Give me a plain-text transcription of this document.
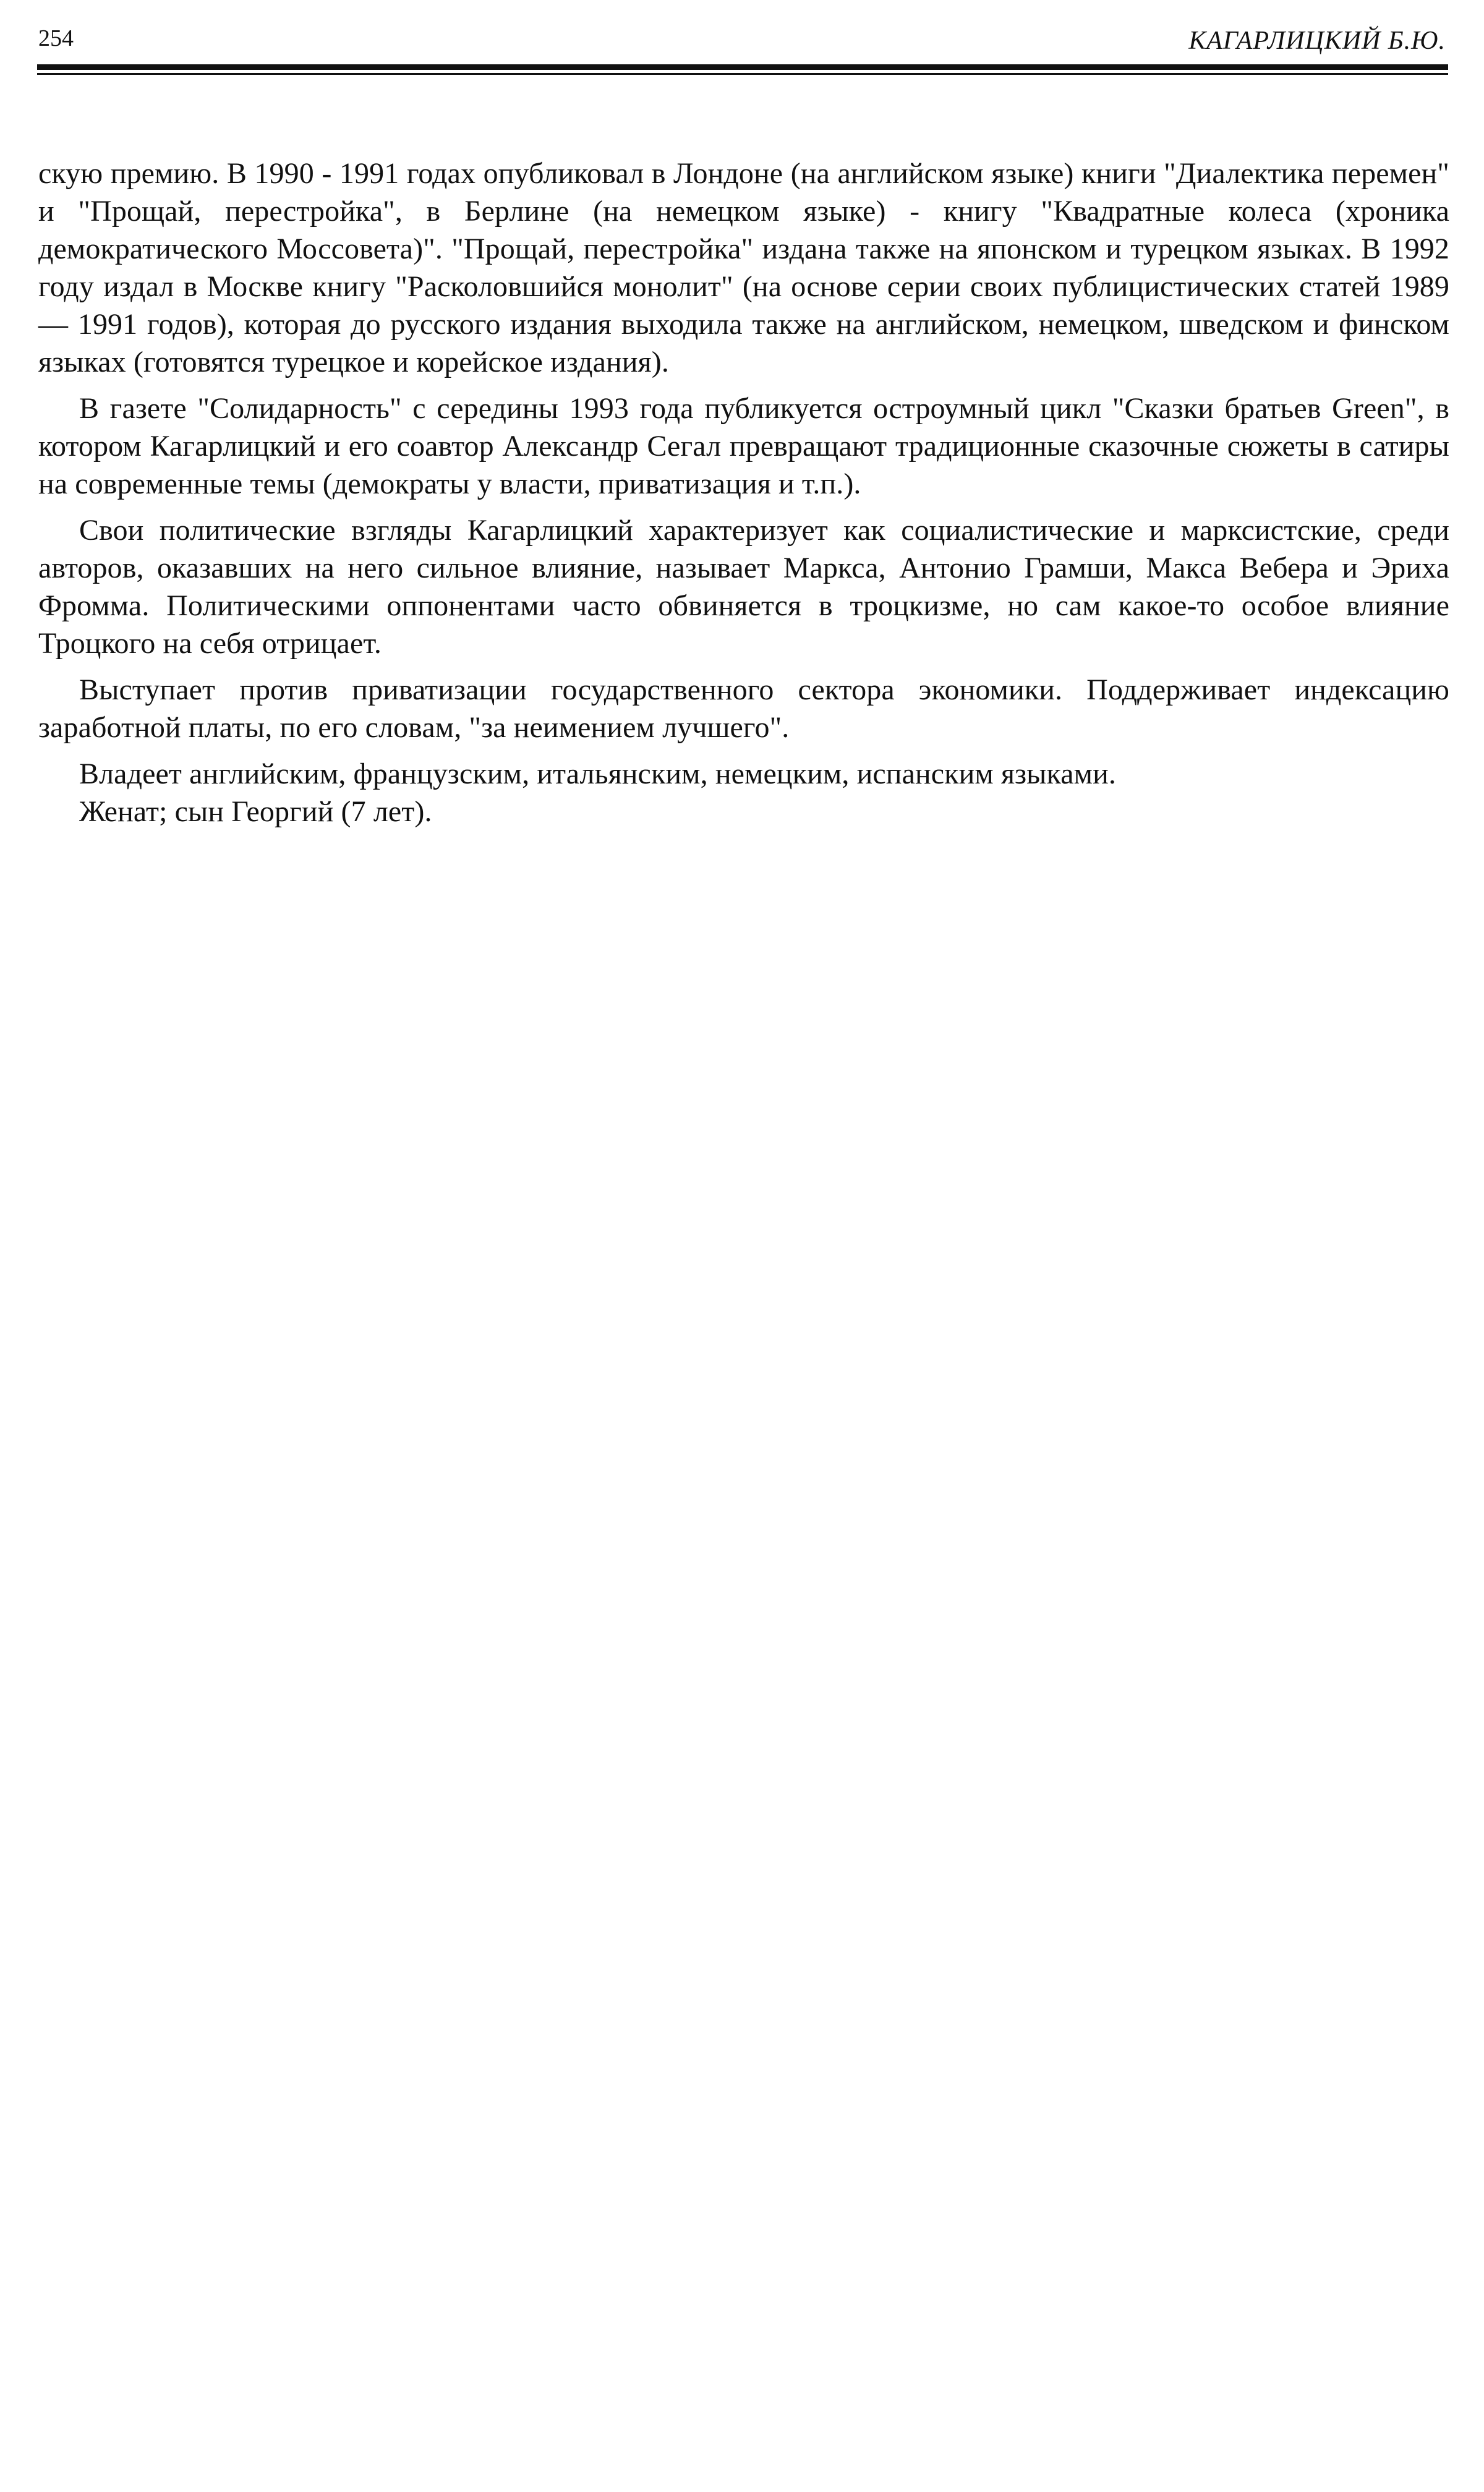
254	КАГАРЛИЦКИЙ Б.Ю.

скую премию. В 1990 - 1991 годах опубликовал в Лондоне (на английском языке) книги "Диалектика перемен" и "Прощай, перестройка", в Берлине (на немецком языке) - книгу "Квадратные колеса (хроника демократического Моссовета)". "Прощай, перестройка" издана также на японском и турецком языках. В 1992 году издал в Москве книгу "Расколовшийся монолит" (на основе серии своих публицистических статей 1989 — 1991 годов), которая до русского издания выходила также на английском, немецком, шведском и финском языках (готовятся турецкое и корейское издания).

В газете "Солидарность" с середины 1993 года публикуется остроумный цикл "Сказки братьев Green", в котором Кагарлицкий и его соавтор Александр Сегал превращают традиционные сказочные сюжеты в сатиры на современные темы (демократы у власти, приватизация и т.п.).

Свои политические взгляды Кагарлицкий характеризует как социалистические и марксистские, среди авторов, оказавших на него сильное влияние, называет Маркса, Антонио Грамши, Макса Вебера и Эриха Фромма. Политическими оппонентами часто обвиняется в троцкизме, но сам какое-то особое влияние Троцкого на себя отрицает.

Выступает против приватизации государственного сектора экономики. Поддерживает индексацию заработной платы, по его словам, "за неимением лучшего".

Владеет английским, французским, итальянским, немецким, испанским языками.

Женат; сын Георгий (7 лет).
